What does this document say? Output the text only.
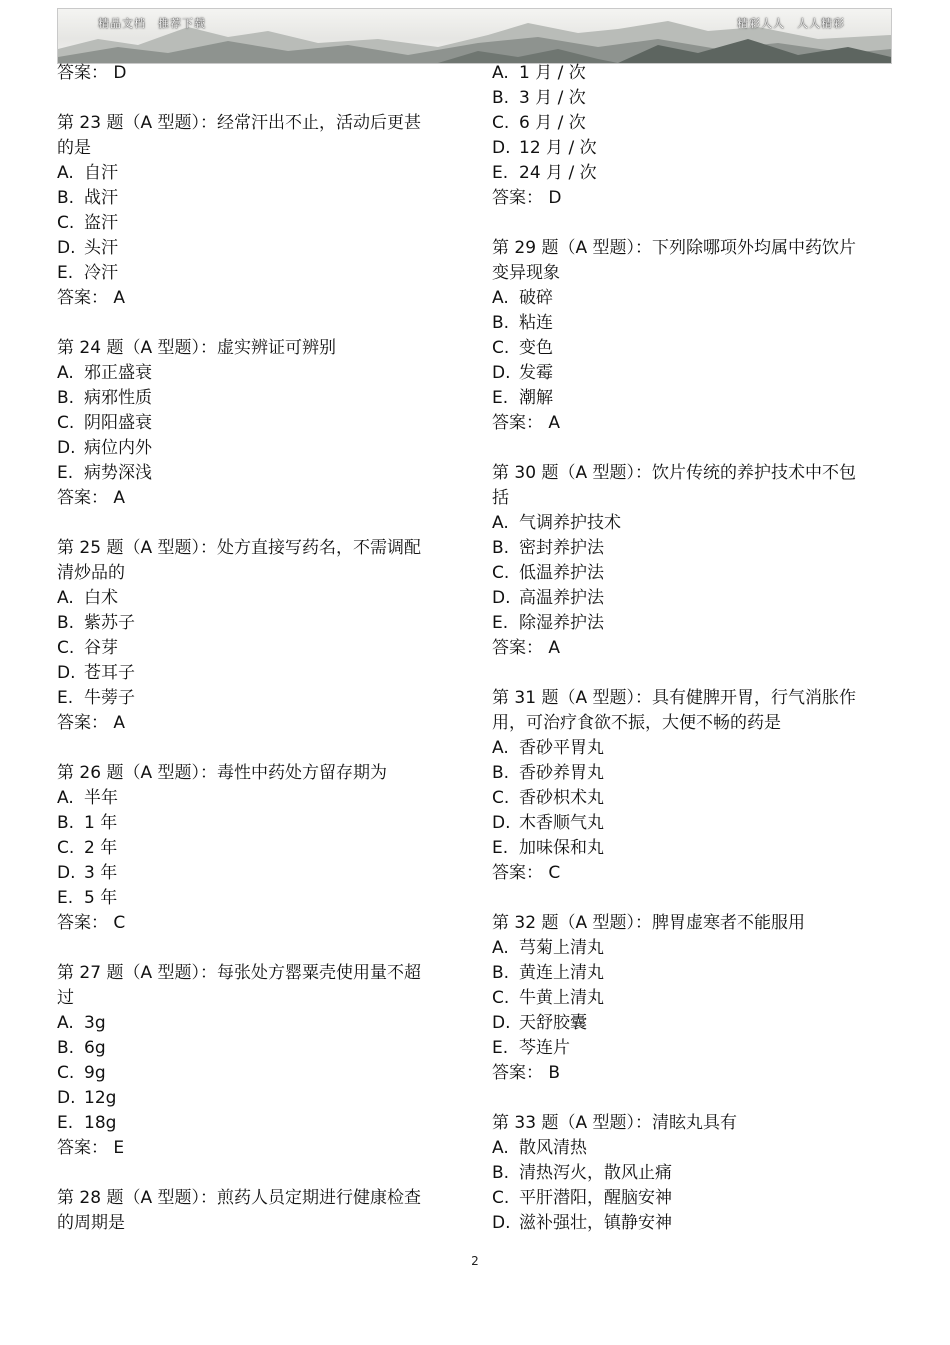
精品文档　推荐下载	精彩人人　人人精彩
答案： D
第 23 题（A 型题）：经常汗出不止，活动后更甚
的是
A. 自汗
B. 战汗
C. 盗汗
D. 头汗
E. 冷汗
答案： A
第 24 题（A 型题）：虚实辨证可辨别
A. 邪正盛衰
B. 病邪性质
C. 阴阳盛衰
D. 病位内外
E. 病势深浅
答案： A
第 25 题（A 型题）：处方直接写药名，不需调配
清炒品的
A. 白术
B. 紫苏子
C. 谷芽
D. 苍耳子
E. 牛蒡子
答案： A
第 26 题（A 型题）：毒性中药处方留存期为
A. 半年
B. 1 年
C. 2 年
D. 3 年
E. 5 年
答案： C
第 27 题（A 型题）：每张处方罂粟壳使用量不超
过
A. 3g
B. 6g
C. 9g
D. 12g
E. 18g
答案： E
第 28 题（A 型题）：煎药人员定期进行健康检查
的周期是
A. 1 月 / 次
B. 3 月 / 次
C. 6 月 / 次
D. 12 月 / 次
E. 24 月 / 次
答案： D
第 29 题（A 型题）：下列除哪项外均属中药饮片
变异现象
A. 破碎
B. 粘连
C. 变色
D. 发霉
E. 潮解
答案： A
第 30 题（A 型题）：饮片传统的养护技术中不包
括
A. 气调养护技术
B. 密封养护法
C. 低温养护法
D. 高温养护法
E. 除湿养护法
答案： A
第 31 题（A 型题）：具有健脾开胃，行气消胀作
用，可治疗食欲不振，大便不畅的药是
A. 香砂平胃丸
B. 香砂养胃丸
C. 香砂枳术丸
D. 木香顺气丸
E. 加味保和丸
答案： C
第 32 题（A 型题）：脾胃虚寒者不能服用
A. 芎菊上清丸
B. 黄连上清丸
C. 牛黄上清丸
D. 天舒胶囊
E. 芩连片
答案： B
第 33 题（A 型题）：清眩丸具有
A. 散风清热
B. 清热泻火，散风止痛
C. 平肝潜阳，醒脑安神
D. 滋补强壮，镇静安神
2
